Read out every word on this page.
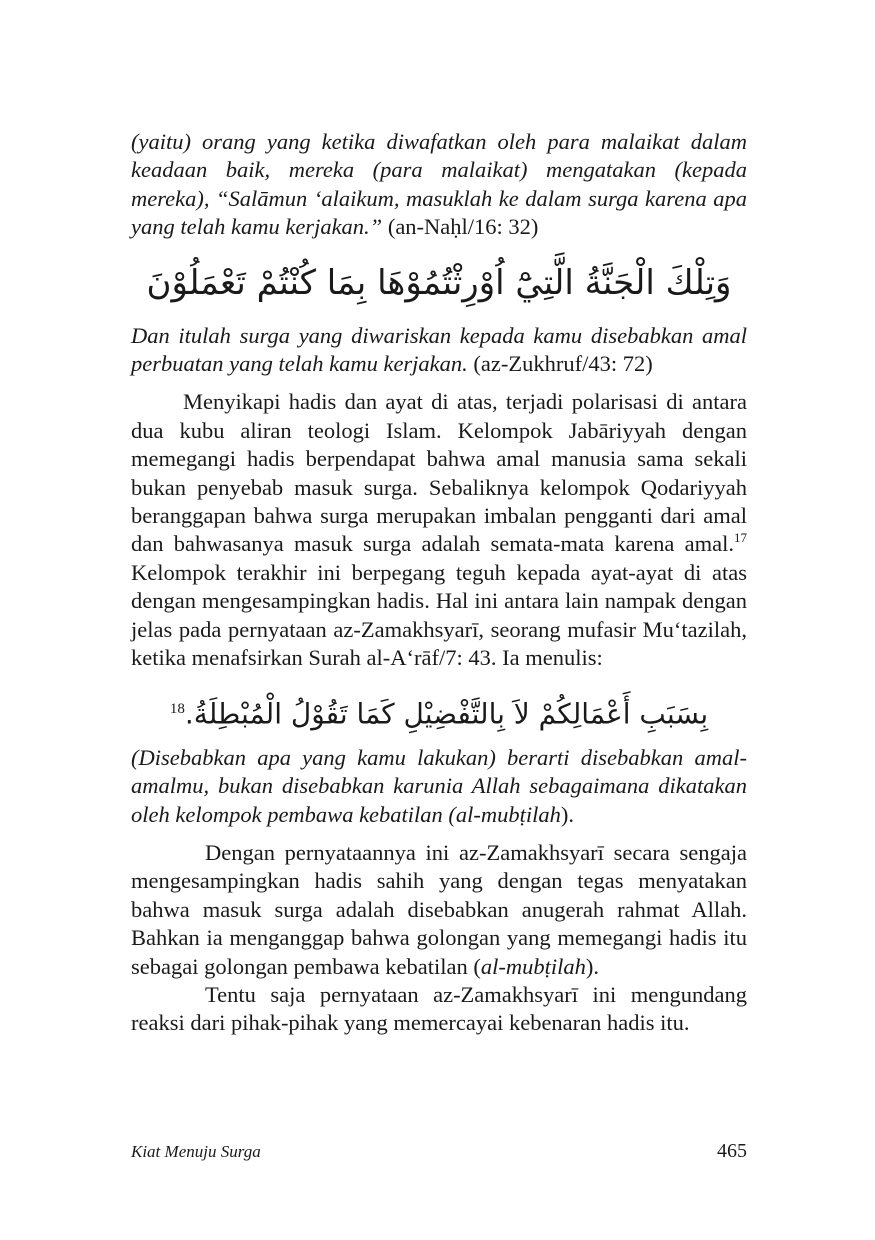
(yaitu) orang yang ketika diwafatkan oleh para malaikat dalam keadaan baik, mereka (para malaikat) mengatakan (kepada mereka), “Salāmun ‘alaikum, masuklah ke dalam surga karena apa yang telah kamu kerjakan.” (an-Naḥl/16: 32)

وَتِلْكَ الْجَنَّةُ الَّتِيْٓ اُوْرِثْتُمُوْهَا بِمَا كُنْتُمْ تَعْمَلُوْنَ

Dan itulah surga yang diwariskan kepada kamu disebabkan amal perbuatan yang telah kamu kerjakan. (az-Zukhruf/43: 72)

Menyikapi hadis dan ayat di atas, terjadi polarisasi di antara dua kubu aliran teologi Islam. Kelompok Jabāriyyah dengan memegangi hadis berpendapat bahwa amal manusia sama sekali bukan penyebab masuk surga. Sebaliknya kelompok Qodariyyah beranggapan bahwa surga merupakan imbalan pengganti dari amal dan bahwasanya masuk surga adalah semata-mata karena amal.$^{17}$ Kelompok terakhir ini berpegang teguh kepada ayat-ayat di atas dengan mengesampingkan hadis. Hal ini antara lain nampak dengan jelas pada pernyataan az-Zamakhsyarī, seorang mufasir Mu‘tazilah, ketika menafsirkan Surah al-A‘rāf/7: 43. Ia menulis:

بِسَبَبِ أَعْمَالِكُمْ لاَ بِالتَّفْضِيْلِ كَمَا تَقُوْلُ الْمُبْطِلَةُ.$^{18}$

(Disebabkan apa yang kamu lakukan) berarti disebabkan amal-amalmu, bukan disebabkan karunia Allah sebagaimana dikatakan oleh kelompok pembawa kebatilan (al-mubṭilah).

Dengan pernyataannya ini az-Zamakhsyarī secara sengaja mengesampingkan hadis sahih yang dengan tegas menyatakan bahwa masuk surga adalah disebabkan anugerah rahmat Allah. Bahkan ia menganggap bahwa golongan yang memegangi hadis itu sebagai golongan pembawa kebatilan (al-mubṭilah).

Tentu saja pernyataan az-Zamakhsyarī ini mengundang reaksi dari pihak-pihak yang memercayai kebenaran hadis itu.

Kiat Menuju Surga	465
